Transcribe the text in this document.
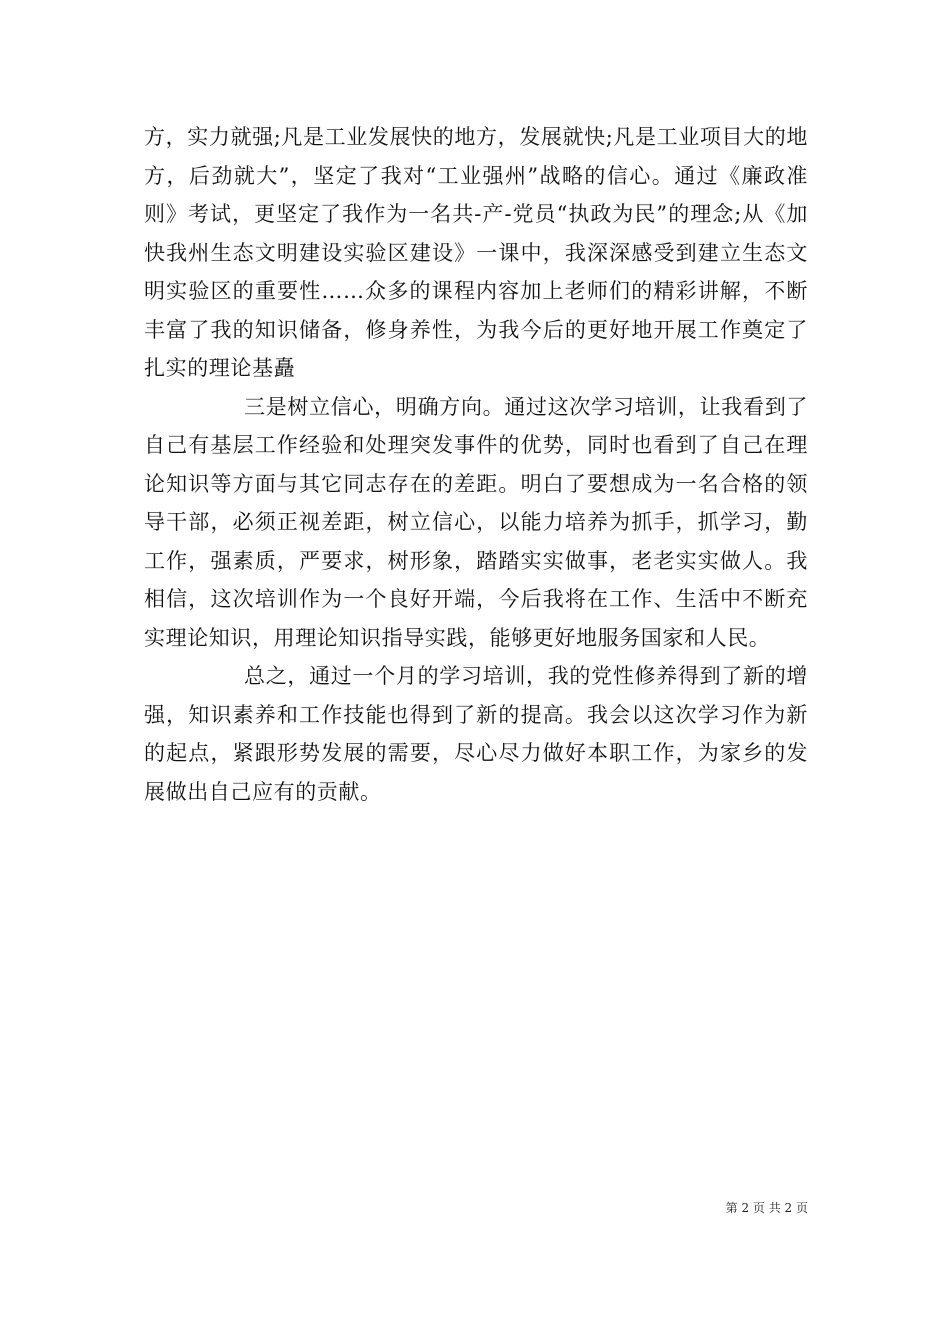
方，实力就强;凡是工业发展快的地方，发展就快;凡是工业项目大的地方，后劲就大”，坚定了我对“工业强州”战略的信心。通过《廉政准则》考试，更坚定了我作为一名共-产-党员“执政为民”的理念;从《加快我州生态文明建设实验区建设》一课中，我深深感受到建立生态文明实验区的重要性……众多的课程内容加上老师们的精彩讲解，不断丰富了我的知识储备，修身养性，为我今后的更好地开展工作奠定了扎实的理论基矗

三是树立信心，明确方向。通过这次学习培训，让我看到了自己有基层工作经验和处理突发事件的优势，同时也看到了自己在理论知识等方面与其它同志存在的差距。明白了要想成为一名合格的领导干部，必须正视差距，树立信心，以能力培养为抓手，抓学习，勤工作，强素质，严要求，树形象，踏踏实实做事，老老实实做人。我相信，这次培训作为一个良好开端，今后我将在工作、生活中不断充实理论知识，用理论知识指导实践，能够更好地服务国家和人民。

总之，通过一个月的学习培训，我的党性修养得到了新的增强，知识素养和工作技能也得到了新的提高。我会以这次学习作为新的起点，紧跟形势发展的需要，尽心尽力做好本职工作，为家乡的发展做出自己应有的贡献。

第 2 页 共 2 页
